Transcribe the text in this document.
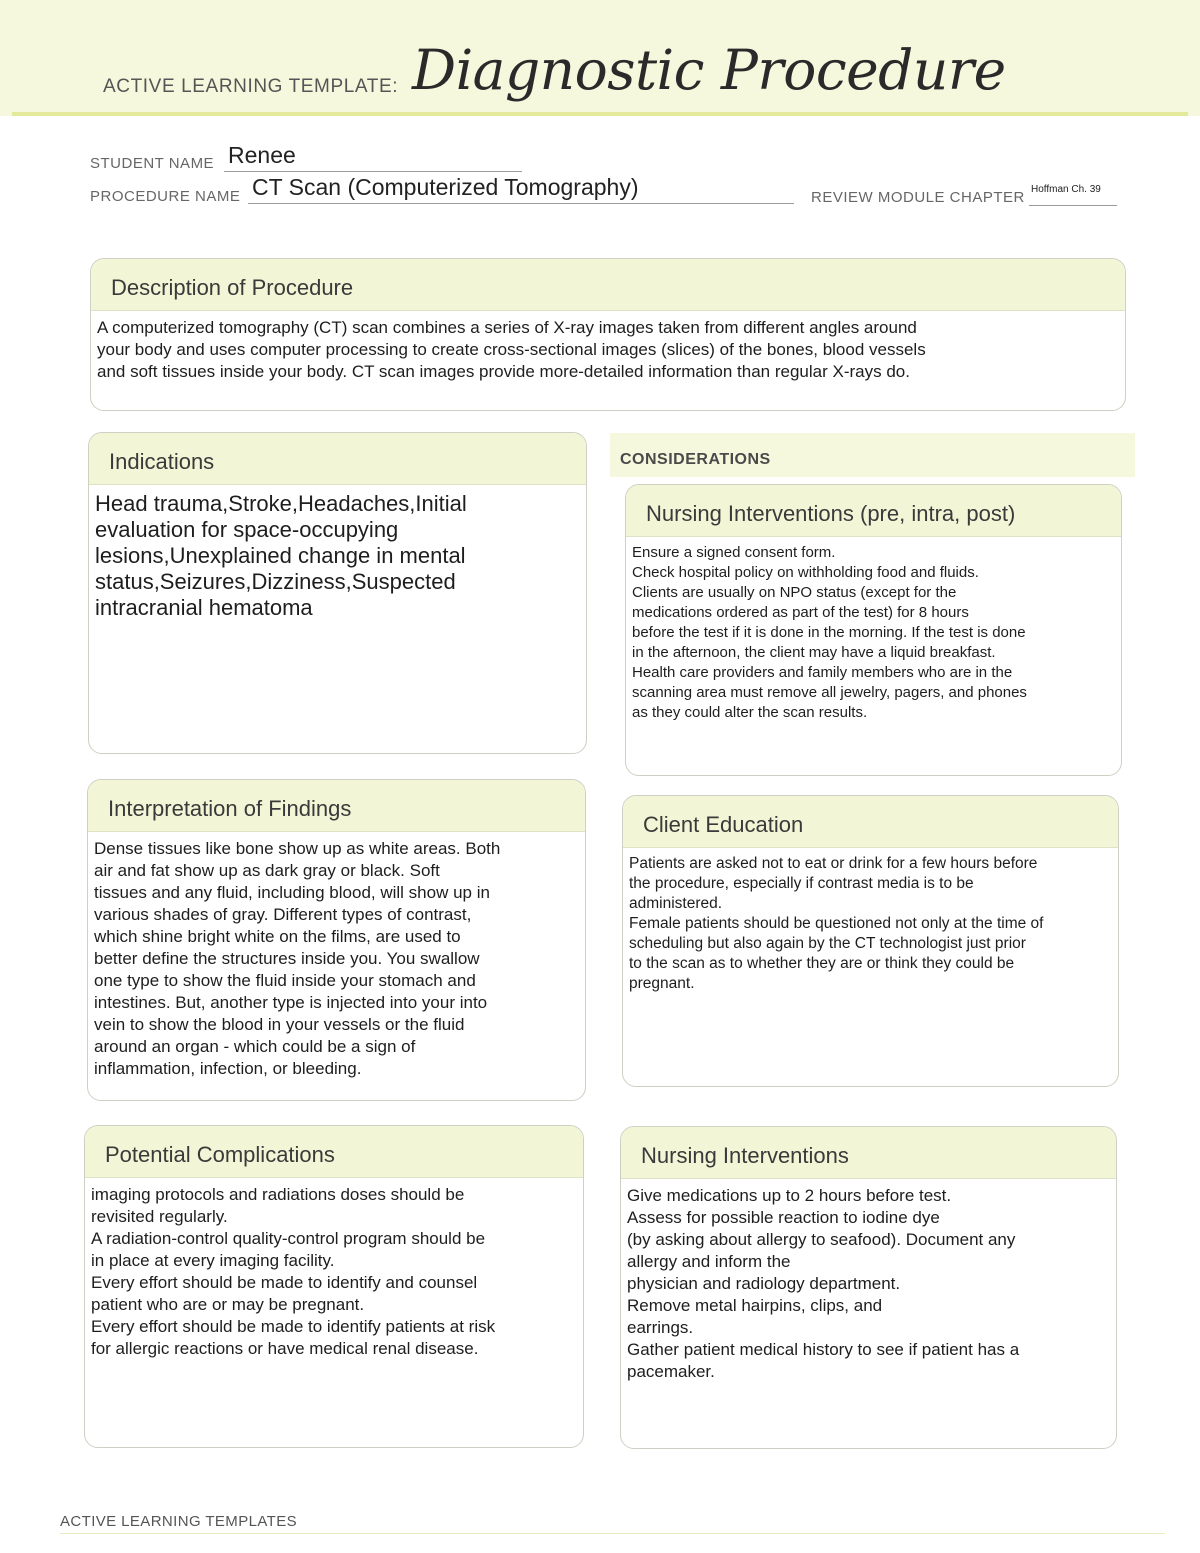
ACTIVE LEARNING TEMPLATE: Diagnostic Procedure
STUDENT NAME Renee
PROCEDURE NAME CT Scan (Computerized Tomography)	REVIEW MODULE CHAPTER Hoffman Ch. 39
Description of Procedure
A computerized tomography (CT) scan combines a series of X-ray images taken from different angles around
your body and uses computer processing to create cross-sectional images (slices) of the bones, blood vessels
and soft tissues inside your body. CT scan images provide more-detailed information than regular X-rays do.
Indications
Head trauma,Stroke,Headaches,Initial
evaluation for space-occupying
lesions,Unexplained change in mental
status,Seizures,Dizziness,Suspected
intracranial hematoma
CONSIDERATIONS
Nursing Interventions (pre, intra, post)
Ensure a signed consent form.
Check hospital policy on withholding food and fluids.
Clients are usually on NPO status (except for the
medications ordered as part of the test) for 8 hours
before the test if it is done in the morning. If the test is done
in the afternoon, the client may have a liquid breakfast.
Health care providers and family members who are in the
scanning area must remove all jewelry, pagers, and phones
as they could alter the scan results.
Interpretation of Findings
Dense tissues like bone show up as white areas. Both
air and fat show up as dark gray or black. Soft
tissues and any fluid, including blood, will show up in
various shades of gray. Different types of contrast,
which shine bright white on the films, are used to
better define the structures inside you. You swallow
one type to show the fluid inside your stomach and
intestines. But, another type is injected into your into
vein to show the blood in your vessels or the fluid
around an organ - which could be a sign of
inflammation, infection, or bleeding.
Client Education
Patients are asked not to eat or drink for a few hours before
the procedure, especially if contrast media is to be
administered.
Female patients should be questioned not only at the time of
scheduling but also again by the CT technologist just prior
to the scan as to whether they are or think they could be
pregnant.
Potential Complications
imaging protocols and radiations doses should be
revisited regularly.
A radiation-control quality-control program should be
in place at every imaging facility.
Every effort should be made to identify and counsel
patient who are or may be pregnant.
Every effort should be made to identify patients at risk
for allergic reactions or have medical renal disease.
Nursing Interventions
Give medications up to 2 hours before test.
Assess for possible reaction to iodine dye
(by asking about allergy to seafood). Document any
allergy and inform the
physician and radiology department.
Remove metal hairpins, clips, and
earrings.
Gather patient medical history to see if patient has a
pacemaker.
ACTIVE LEARNING TEMPLATES
